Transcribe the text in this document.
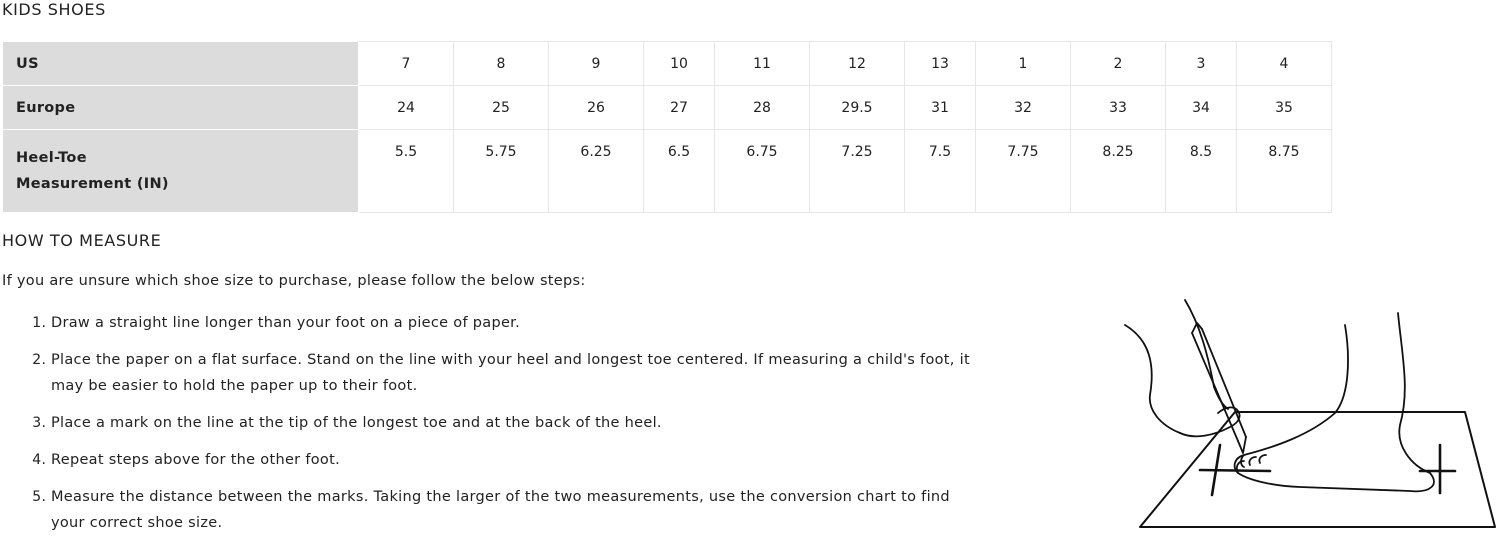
KIDS SHOES
US	7	8	9	10	11	12	13	1	2	3	4
Europe	24	25	26	27	28	29.5	31	32	33	34	35
Heel-Toe
Measurement (IN)	5.5	5.75	6.25	6.5	6.75	7.25	7.5	7.75	8.25	8.5	8.75
HOW TO MEASURE
If you are unsure which shoe size to purchase, please follow the below steps:
1. Draw a straight line longer than your foot on a piece of paper.
2. Place the paper on a flat surface. Stand on the line with your heel and longest toe centered. If measuring a child's foot, it may be easier to hold the paper up to their foot.
3. Place a mark on the line at the tip of the longest toe and at the back of the heel.
4. Repeat steps above for the other foot.
5. Measure the distance between the marks. Taking the larger of the two measurements, use the conversion chart to find your correct shoe size.
